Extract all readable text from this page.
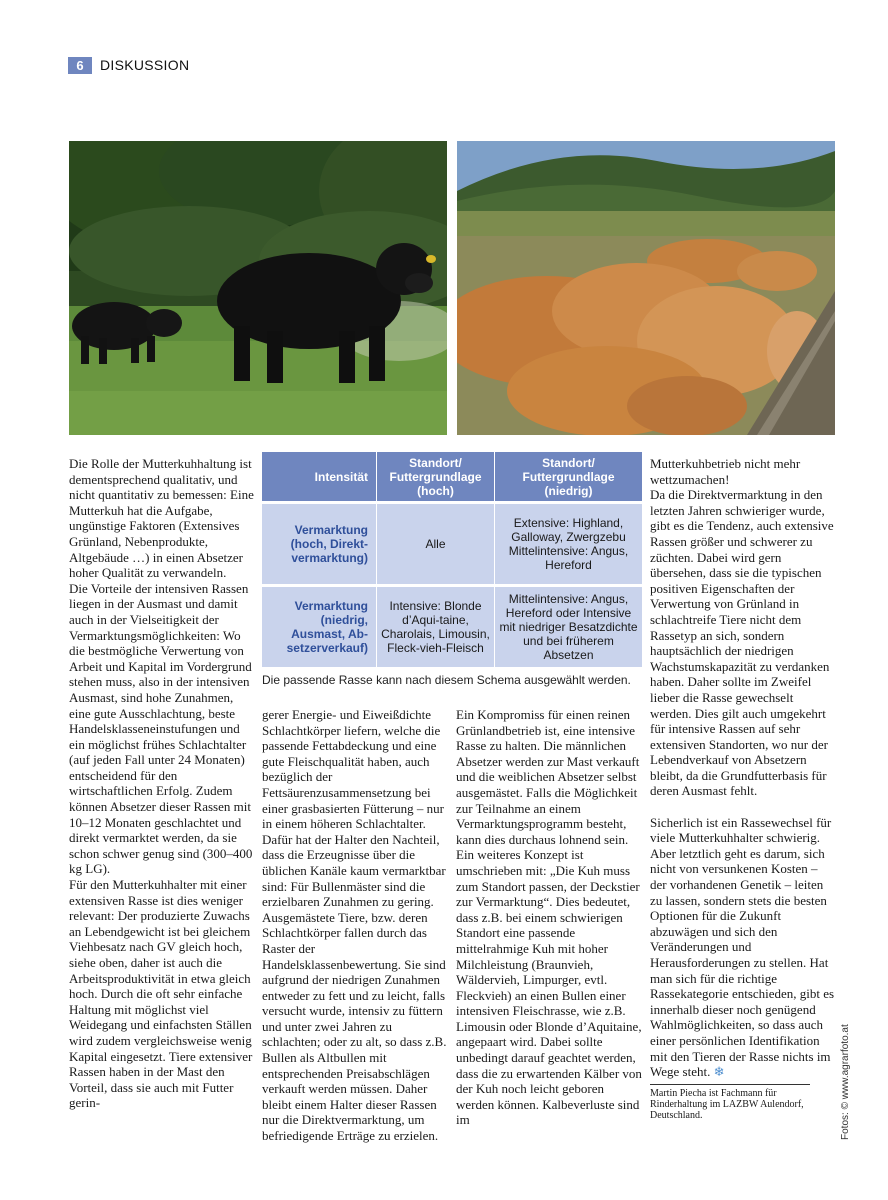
6	DISKUSSION

Die Rolle der Mutterkuhhaltung ist dementsprechend qualitativ, und nicht quantitativ zu bemessen: Eine Mutterkuh hat die Aufgabe, ungünstige Faktoren (Extensives Grünland, Nebenprodukte, Altgebäude …) in einen Absetzer hoher Qualität zu verwandeln.

Die Vorteile der intensiven Rassen liegen in der Ausmast und damit auch in der Vielseitigkeit der Vermarktungsmöglichkeiten: Wo die bestmögliche Verwertung von Arbeit und Kapital im Vordergrund stehen muss, also in der intensiven Ausmast, sind hohe Zunahmen, eine gute Ausschlachtung, beste Handelsklasseneinstufungen und ein möglichst frühes Schlachtalter (auf jeden Fall unter 24 Monaten) entscheidend für den wirtschaftlichen Erfolg. Zudem können Absetzer dieser Rassen mit 10–12 Monaten geschlachtet und direkt vermarktet werden, da sie schon schwer genug sind (300–400 kg LG).

Für den Mutterkuhhalter mit einer extensiven Rasse ist dies weniger relevant: Der produzierte Zuwachs an Lebendgewicht ist bei gleichem Viehbesatz nach GV gleich hoch, siehe oben, daher ist auch die Arbeitsproduktivität in etwa gleich hoch. Durch die oft sehr einfache Haltung mit möglichst viel Weidegang und einfachsten Ställen wird zudem vergleichsweise wenig Kapital eingesetzt. Tiere extensiver Rassen haben in der Mast den Vorteil, dass sie auch mit Futter gerin-

Intensität
Standort/ Futtergrundlage (hoch)
Standort/ Futtergrundlage (niedrig)
Vermarktung (hoch, Direkt-vermarktung)
Alle
Extensive: Highland, Galloway, Zwergzebu Mittelintensive: Angus, Hereford
Vermarktung (niedrig, Ausmast, Ab-setzerverkauf)
Intensive: Blonde d’Aqui-taine, Charolais, Limousin, Fleck-vieh-Fleisch
Mittelintensive: Angus, Hereford oder Intensive mit niedriger Besatzdichte und bei früherem Absetzen
Die passende Rasse kann nach diesem Schema ausgewählt werden.

gerer Energie- und Eiweißdichte Schlachtkörper liefern, welche die passende Fettabdeckung und eine gute Fleischqualität haben, auch bezüglich der Fettsäurenzusammensetzung bei einer grasbasierten Fütterung – nur in einem höheren Schlachtalter. Dafür hat der Halter den Nachteil, dass die Erzeugnisse über die üblichen Kanäle kaum vermarktbar sind: Für Bullenmäster sind die erzielbaren Zunahmen zu gering. Ausgemästete Tiere, bzw. deren Schlachtkörper fallen durch das Raster der Handelsklassenbewertung. Sie sind aufgrund der niedrigen Zunahmen entweder zu fett und zu leicht, falls versucht wurde, intensiv zu füttern und unter zwei Jahren zu schlachten; oder zu alt, so dass z.B. Bullen als Altbullen mit entsprechenden Preisabschlägen verkauft werden müssen. Daher bleibt einem Halter dieser Rassen nur die Direktvermarktung, um befriedigende Erträge zu erzielen.

Ein Kompromiss für einen reinen Grünlandbetrieb ist, eine intensive Rasse zu halten. Die männlichen Absetzer werden zur Mast verkauft und die weiblichen Absetzer selbst ausgemästet. Falls die Möglichkeit zur Teilnahme an einem Vermarktungsprogramm besteht, kann dies durchaus lohnend sein.

Ein weiteres Konzept ist umschrieben mit: „Die Kuh muss zum Standort passen, der Deckstier zur Vermarktung“. Dies bedeutet, dass z.B. bei einem schwierigen Standort eine passende mittelrahmige Kuh mit hoher Milchleistung (Braunvieh, Wäldervieh, Limpurger, evtl. Fleckvieh) an einen Bullen einer intensiven Fleischrasse, wie z.B. Limousin oder Blonde d’Aquitaine, angepaart wird. Dabei sollte unbedingt darauf geachtet werden, dass die zu erwartenden Kälber von der Kuh noch leicht geboren werden können. Kalbeverluste sind im

Mutterkuhbetrieb nicht mehr wettzumachen!

Da die Direktvermarktung in den letzten Jahren schwieriger wurde, gibt es die Tendenz, auch extensive Rassen größer und schwerer zu züchten. Dabei wird gern übersehen, dass sie die typischen positiven Eigenschaften der Verwertung von Grünland in schlachtreife Tiere nicht dem Rassetyp an sich, sondern hauptsächlich der niedrigen Wachstumskapazität zu verdanken haben. Daher sollte im Zweifel lieber die Rasse gewechselt werden. Dies gilt auch umgekehrt für intensive Rassen auf sehr extensiven Standorten, wo nur der Lebendverkauf von Absetzern bleibt, da die Grundfutterbasis für deren Ausmast fehlt.

Sicherlich ist ein Rassewechsel für viele Mutterkuhhalter schwierig. Aber letztlich geht es darum, sich nicht von versunkenen Kosten – der vorhandenen Genetik – leiten zu lassen, sondern stets die besten Optionen für die Zukunft abzuwägen und sich den Veränderungen und Herausforderungen zu stellen. Hat man sich für die richtige Rassekategorie entschieden, gibt es innerhalb dieser noch genügend Wahlmöglichkeiten, so dass auch einer persönlichen Identifikation mit den Tieren der Rasse nichts im Wege steht. ❄

Martin Piecha ist Fachmann für Rinderhaltung im LAZBW Aulendorf, Deutschland.	Fotos: © www.agrarfoto.at
